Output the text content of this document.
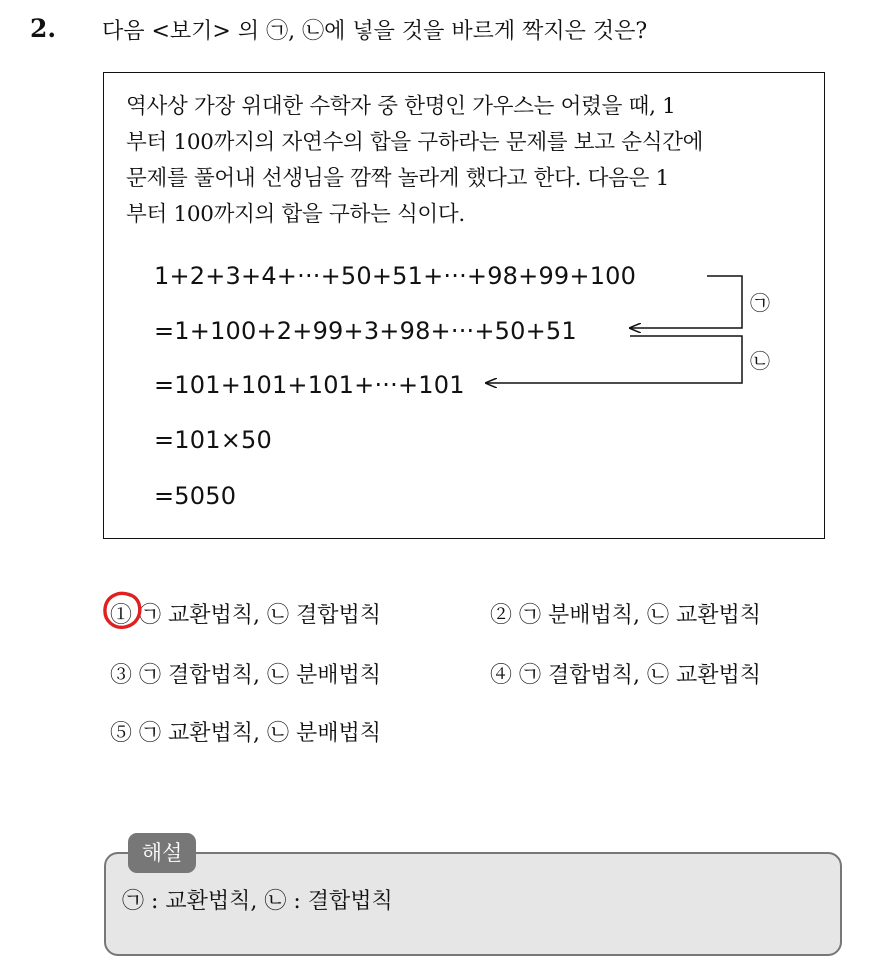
2. 다음 <보기> 의 ㉠, ㉡에 넣을 것을 바르게 짝지은 것은?
역사상 가장 위대한 수학자 중 한명인 가우스는 어렸을 때, 1
부터 100까지의 자연수의 합을 구하라는 문제를 보고 순식간에
문제를 풀어내 선생님을 깜짝 놀라게 했다고 한다. 다음은 1
부터 100까지의 합을 구하는 식이다.
1+2+3+4+···+50+51+···+98+99+100
=1+100+2+99+3+98+···+50+51
=101+101+101+···+101
=101×50
=5050
㉠
㉡
① ㉠ 교환법칙, ㉡ 결합법칙	② ㉠ 분배법칙, ㉡ 교환법칙
③ ㉠ 결합법칙, ㉡ 분배법칙	④ ㉠ 결합법칙, ㉡ 교환법칙
⑤ ㉠ 교환법칙, ㉡ 분배법칙
해설
㉠ : 교환법칙, ㉡ : 결합법칙
